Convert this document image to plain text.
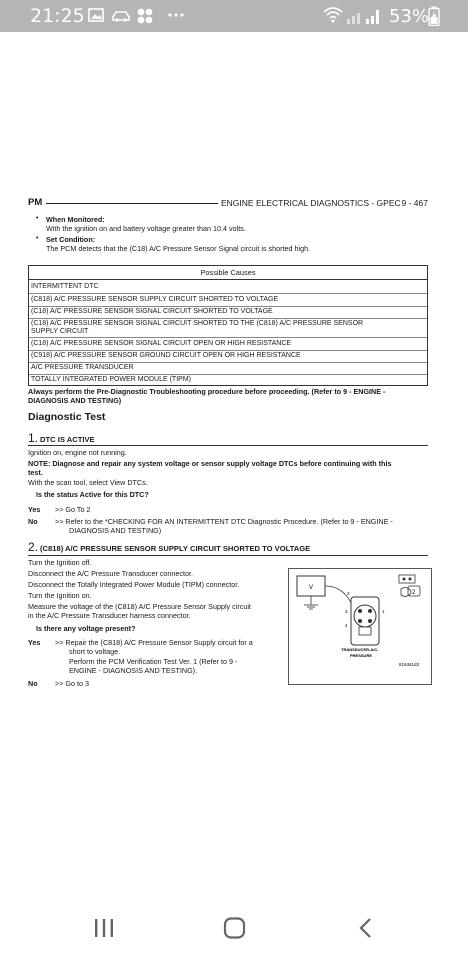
21:25	53%
PM	ENGINE ELECTRICAL DIAGNOSTICS - GPEC 9 - 467
• When Monitored:
With the ignition on and battery voltage greater than 10.4 volts.
• Set Condition:
The PCM detects that the (C18) A/C Pressure Sensor Signal circuit is shorted high.
Possible Causes
INTERMITTENT DTC
(C818) A/C PRESSURE SENSOR SUPPLY CIRCUIT SHORTED TO VOLTAGE
(C18) A/C PRESSURE SENSOR SIGNAL CIRCUIT SHORTED TO VOLTAGE
(C18) A/C PRESSURE SENSOR SIGNAL CIRCUIT SHORTED TO THE (C818) A/C PRESSURE SENSOR
SUPPLY CIRCUIT
(C18) A/C PRESSURE SENSOR SIGNAL CIRCUIT OPEN OR HIGH RESISTANCE
(C918) A/C PRESSURE SENSOR GROUND CIRCUIT OPEN OR HIGH RESISTANCE
A/C PRESSURE TRANSDUCER
TOTALLY INTEGRATED POWER MODULE (TIPM)
Always perform the Pre-Diagnostic Troubleshooting procedure before proceeding. (Refer to 9 - ENGINE -
DIAGNOSIS AND TESTING)
Diagnostic Test
1. DTC IS ACTIVE
Ignition on, engine not running.
NOTE: Diagnose and repair any system voltage or sensor supply voltage DTCs before continuing with this
test.
With the scan tool, select View DTCs.
Is the status Active for this DTC?
Yes >> Go To 2
No >> Refer to the *CHECKING FOR AN INTERMITTENT DTC Diagnostic Procedure. (Refer to 9 - ENGINE -
DIAGNOSIS AND TESTING)
2. (C818) A/C PRESSURE SENSOR SUPPLY CIRCUIT SHORTED TO VOLTAGE
Turn the Ignition off.
Disconnect the A/C Pressure Transducer connector.
Disconnect the Totally Integrated Power Module (TIPM) connector.
Turn the Ignition on.
Measure the voltage of the (C818) A/C Pressure Sensor Supply circuit
in the A/C Pressure Transducer harness connector.
Is there any voltage present?
Yes >> Repair the (C818) A/C Pressure Sensor Supply circuit for a
short to voltage.
Perform the PCM Verification Test Ver. 1 (Refer to 9 -
ENGINE - DIAGNOSIS AND TESTING).
No >> Go to 3
V
2
3	1
4
2
TRANSDUCER-A/C-
PRESSURE
818461d3
